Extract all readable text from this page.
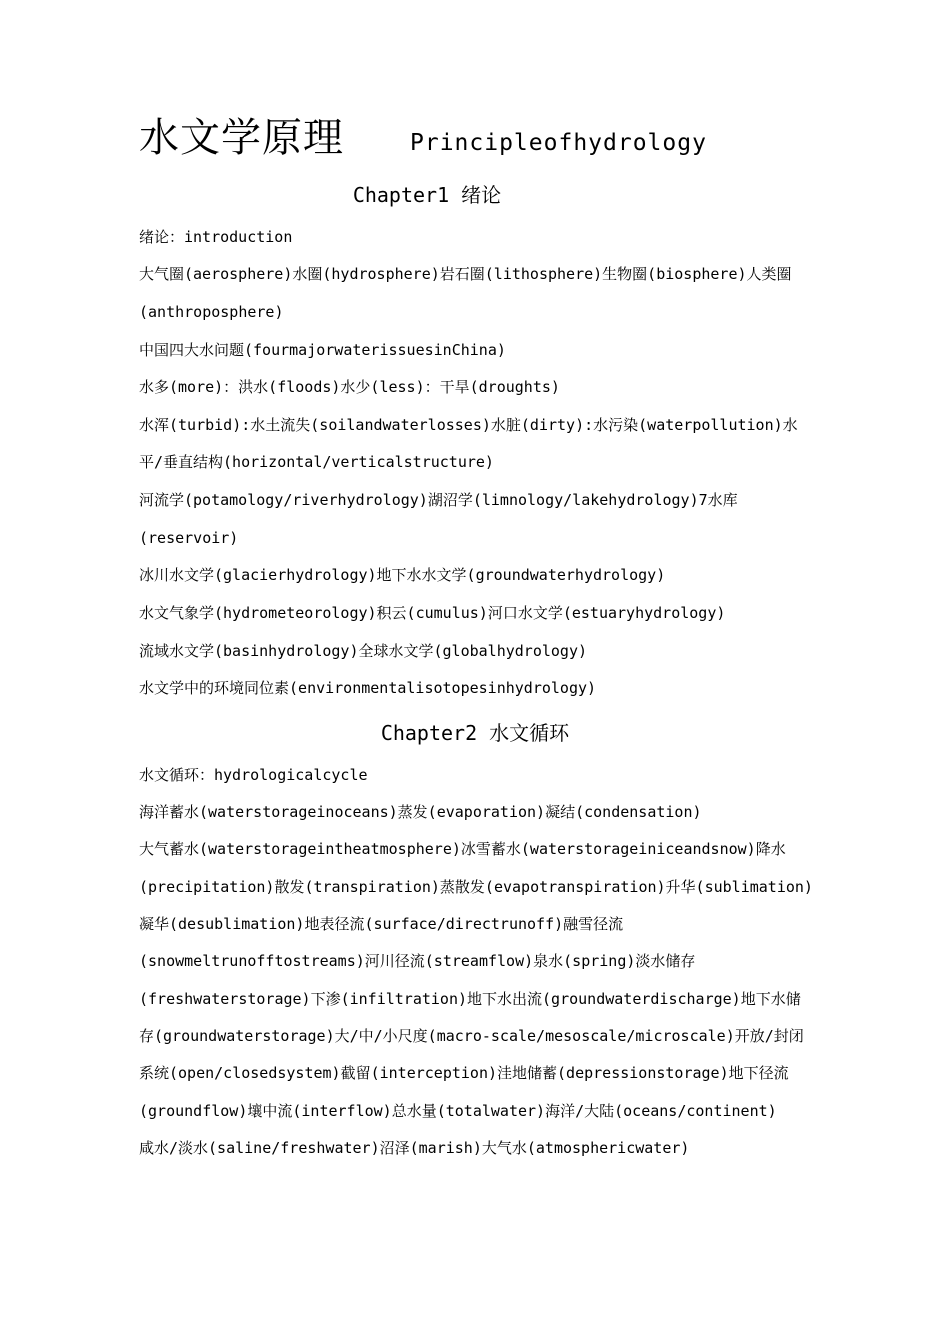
水文学原理	Principleofhydrology
Chapter1 绪论
绪论：introduction
大气圈(aerosphere)水圈(hydrosphere)岩石圈(lithosphere)生物圈(biosphere)人类圈
(anthroposphere)
中国四大水问题(fourmajorwaterissuesinChina)
水多(more)：洪水(floods)水少(less)：干旱(droughts)
水浑(turbid):水土流失(soilandwaterlosses)水脏(dirty):水污染(waterpollution)水
平/垂直结构(horizontal/verticalstructure)
河流学(potamology/riverhydrology)湖沼学(limnology/lakehydrology)7水库
(reservoir)
冰川水文学(glacierhydrology)地下水水文学(groundwaterhydrology)
水文气象学(hydrometeorology)积云(cumulus)河口水文学(estuaryhydrology)
流域水文学(basinhydrology)全球水文学(globalhydrology)
水文学中的环境同位素(environmentalisotopesinhydrology)
Chapter2 水文循环
水文循环：hydrologicalcycle
海洋蓄水(waterstorageinoceans)蒸发(evaporation)凝结(condensation)
大气蓄水(waterstorageintheatmosphere)冰雪蓄水(waterstorageiniceandsnow)降水
(precipitation)散发(transpiration)蒸散发(evapotranspiration)升华(sublimation)
凝华(desublimation)地表径流(surface/directrunoff)融雪径流
(snowmeltrunofftostreams)河川径流(streamflow)泉水(spring)淡水储存
(freshwaterstorage)下渗(infiltration)地下水出流(groundwaterdischarge)地下水储
存(groundwaterstorage)大/中/小尺度(macro-scale/mesoscale/microscale)开放/封闭
系统(open/closedsystem)截留(interception)洼地储蓄(depressionstorage)地下径流
(groundflow)壤中流(interflow)总水量(totalwater)海洋/大陆(oceans/continent)
咸水/淡水(saline/freshwater)沼泽(marish)大气水(atmosphericwater)
